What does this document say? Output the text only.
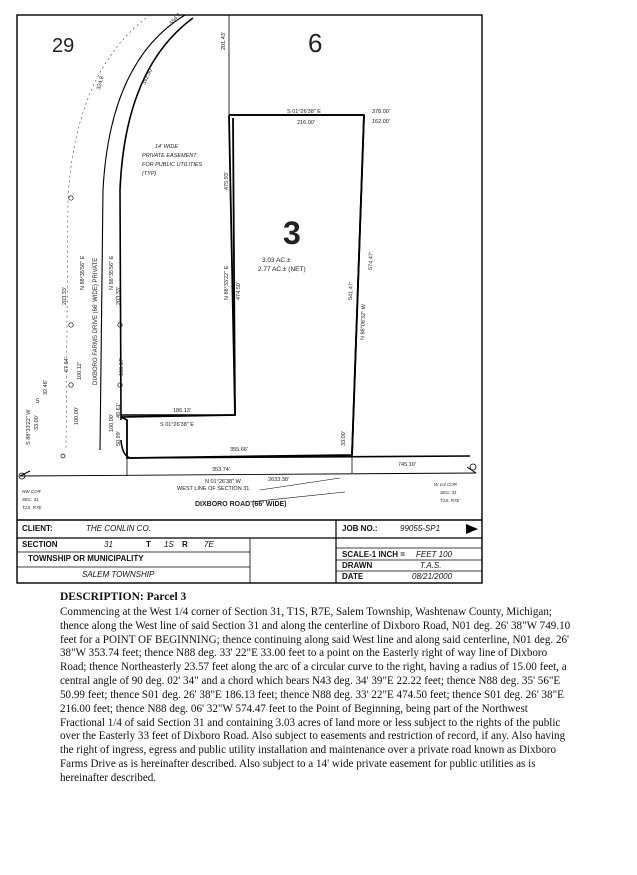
29	6
3
3.03 AC.±
2.77 AC.± (NET)
14' WIDE
PRIVATE EASEMENT
FOR PUBLIC UTILITIES
(TYP)
S 01°26'38" E
216.00'
378.00'
162.00'
201.43'
N 88°06'32" W
574.47'
541.47'
N 88°33'22" E 474.50'
475.93'
186.13'
S 01°26'38" E
355.66'
353.74'
33.00'
745.10'
554.1
392.50'
324.8
DIXBORO FARMS DRIVE (66' WIDE) PRIVATE
N 88°35'56" E	N 88°35'56" E
203.33'	203.33'
100.17'
100.12'
100.00'
67.64'
100.00'
50.99'
49.61'
32.46'
S 88°33'22" W 33.00'
5
N 01°26'38" W	2633.38'
WEST LINE OF SECTION 31
DIXBORO ROAD (66' WIDE)
NW COR
SEC. 31
T1S, R7E
W 1/4 COR
SEC. 31
T1S, R7E
CLIENT:	THE CONLIN CO.	JOB NO.:	99055-SP1
SECTION	31	T 1S R 7E
TOWNSHIP OR MUNICIPALITY
SALEM TOWNSHIP
SCALE-1 INCH = FEET 100
DRAWN	T.A.S.
DATE	08/21/2000
DESCRIPTION: Parcel 3
Commencing at the West 1/4 corner of Section 31, T1S, R7E, Salem Township, Washtenaw County, Michigan; thence along the West line of said Section 31 and along the centerline of Dixboro Road, N01 deg. 26' 38"W 749.10 feet for a POINT OF BEGINNING; thence continuing along said West line and along said centerline, N01 deg. 26' 38"W 353.74 feet; thence N88 deg. 33' 22"E 33.00 feet to a point on the Easterly right of way line of Dixboro Road; thence Northeasterly 23.57 feet along the arc of a circular curve to the right, having a radius of 15.00 feet, a central angle of 90 deg. 02' 34" and a chord which bears N43 deg. 34' 39"E 22.22 feet; thence N88 deg. 35' 56"E 50.99 feet; thence S01 deg. 26' 38"E 186.13 feet; thence N88 deg. 33' 22"E 474.50 feet; thence S01 deg. 26' 38"E 216.00 feet; thence N88 deg. 06' 32"W 574.47 feet to the Point of Beginning, being part of the Northwest Fractional 1/4 of said Section 31 and containing 3.03 acres of land more or less subject to the rights of the public over the Easterly 33 feet of Dixboro Road. Also subject to easements and restriction of record, if any. Also having the right of ingress, egress and public utility installation and maintenance over a private road known as Dixboro Farms Drive as is hereinafter described. Also subject to a 14' wide private easement for public utilities as is hereinafter described.
